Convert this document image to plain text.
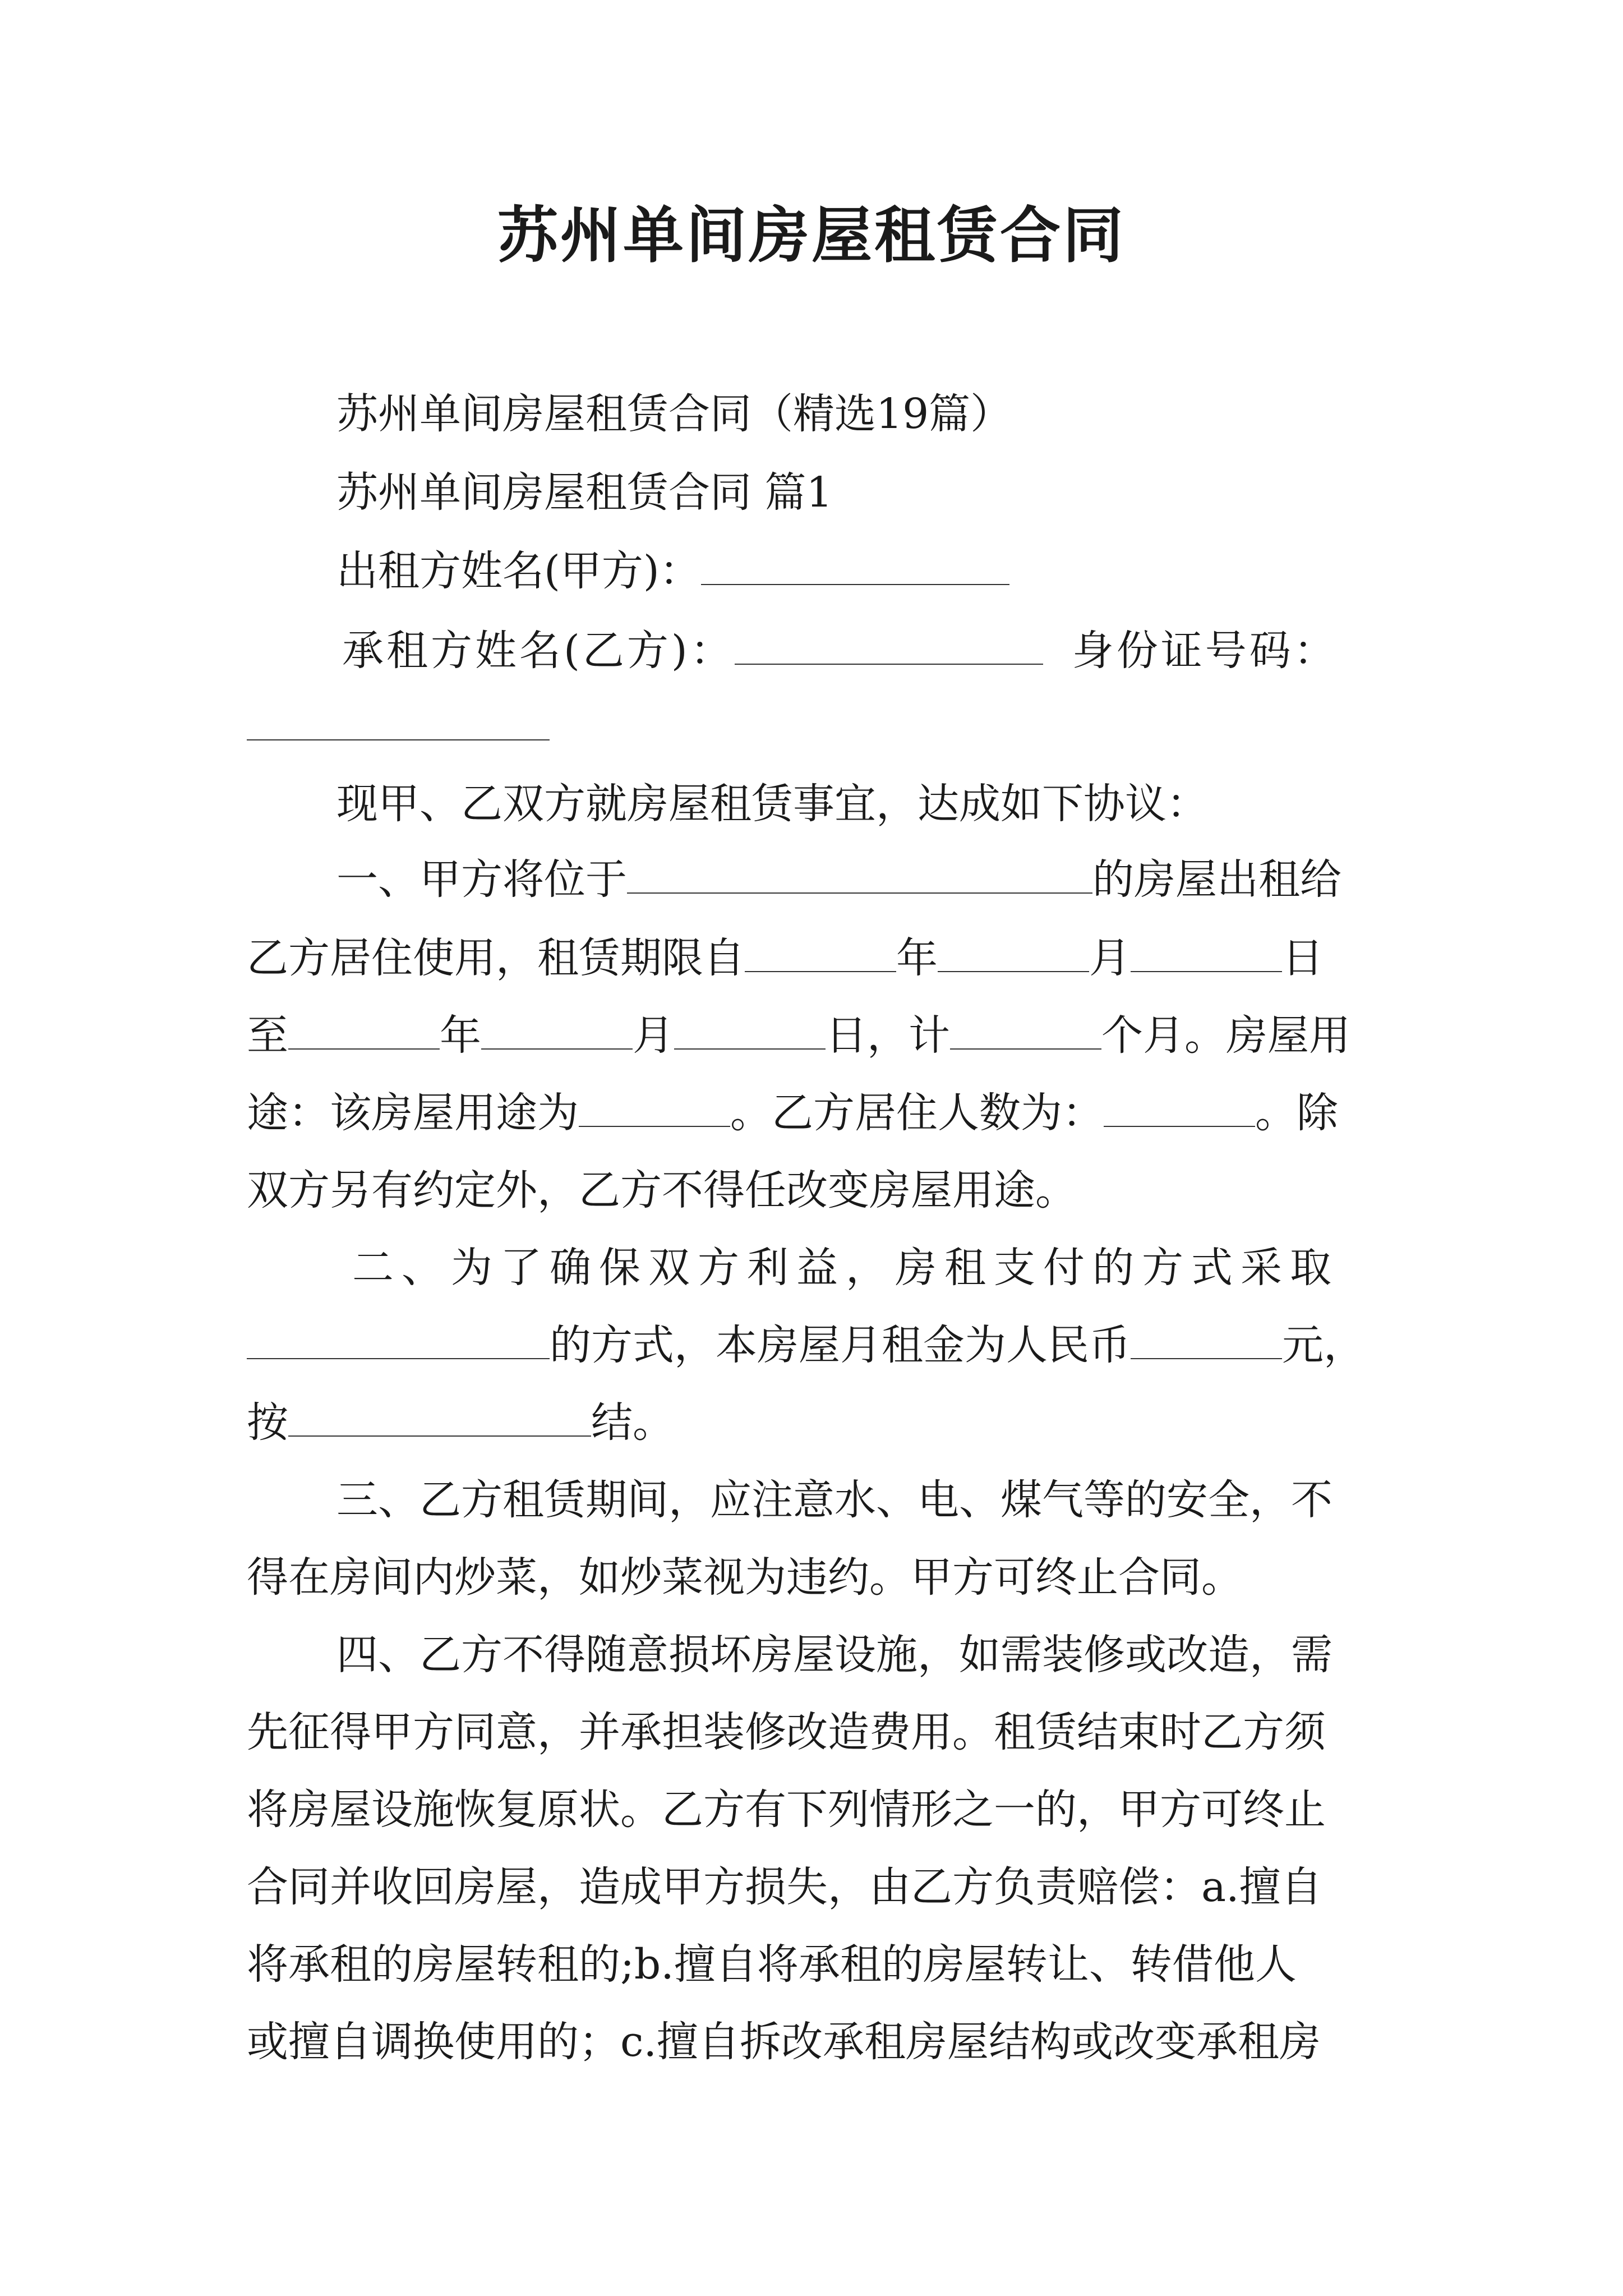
苏州单间房屋租赁合同
苏州单间房屋租赁合同（精选19篇）
苏州单间房屋租赁合同 篇1
出租方姓名(甲方)：
承租方姓名(乙方)：	身份证号码：
现甲、乙双方就房屋租赁事宜，达成如下协议：
一、甲方将位于	的房屋出租给
乙方居住使用，租赁期限自	年	月	日
至	年	月	日，计	个月。房屋用
途：该房屋用途为	。乙方居住人数为：	。除
双方另有约定外，乙方不得任改变房屋用途。
二、为了确保双方利益，房租支付的方式采取
的方式，本房屋月租金为人民币	元，
按	结。
三、乙方租赁期间，应注意水、电、煤气等的安全，不
得在房间内炒菜，如炒菜视为违约。甲方可终止合同。
四、乙方不得随意损坏房屋设施，如需装修或改造，需
先征得甲方同意，并承担装修改造费用。租赁结束时乙方须
将房屋设施恢复原状。乙方有下列情形之一的，甲方可终止
合同并收回房屋，造成甲方损失，由乙方负责赔偿：a.擅自
将承租的房屋转租的;b.擅自将承租的房屋转让、转借他人
或擅自调换使用的；c.擅自拆改承租房屋结构或改变承租房
